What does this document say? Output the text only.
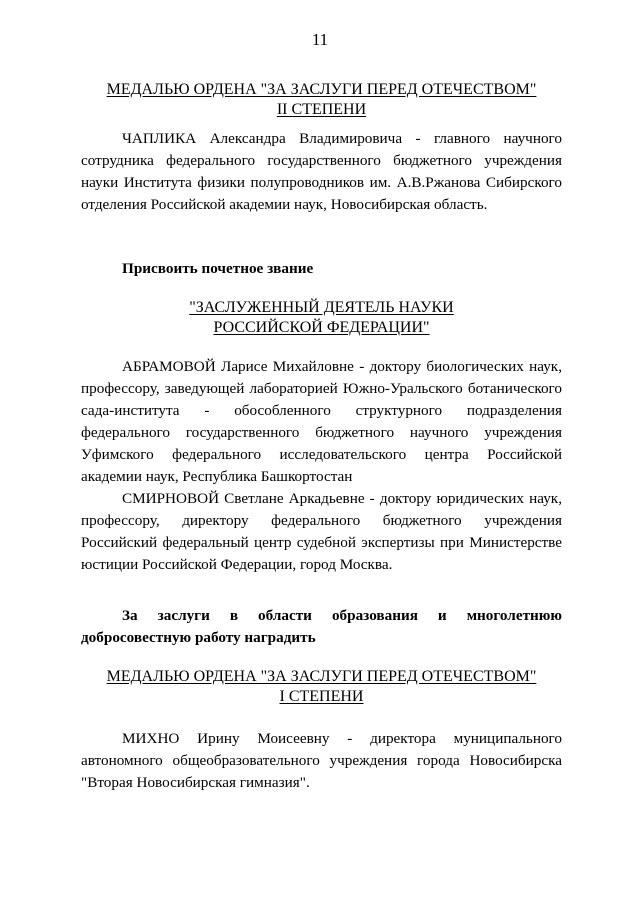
11
МЕДАЛЬЮ ОРДЕНА "ЗА ЗАСЛУГИ ПЕРЕД ОТЕЧЕСТВОМ"
II СТЕПЕНИ

ЧАПЛИКА Александра Владимировича - главного научного сотрудника федерального государственного бюджетного учреждения науки Института физики полупроводников им. А.В.Ржанова Сибирского отделения Российской академии наук, Новосибирская область.

Присвоить почетное звание

"ЗАСЛУЖЕННЫЙ ДЕЯТЕЛЬ НАУКИ
РОССИЙСКОЙ ФЕДЕРАЦИИ"

АБРАМОВОЙ Ларисе Михайловне - доктору биологических наук, профессору, заведующей лабораторией Южно-Уральского ботанического сада-института - обособленного структурного подразделения федерального государственного бюджетного научного учреждения Уфимского федерального исследовательского центра Российской академии наук, Республика Башкортостан

СМИРНОВОЙ Светлане Аркадьевне - доктору юридических наук, профессору, директору федерального бюджетного учреждения Российский федеральный центр судебной экспертизы при Министерстве юстиции Российской Федерации, город Москва.

За заслуги в области образования и многолетнюю добросовестную работу наградить

МЕДАЛЬЮ ОРДЕНА "ЗА ЗАСЛУГИ ПЕРЕД ОТЕЧЕСТВОМ"
I СТЕПЕНИ

МИХНО Ирину Моисеевну - директора муниципального автономного общеобразовательного учреждения города Новосибирска "Вторая Новосибирская гимназия".
